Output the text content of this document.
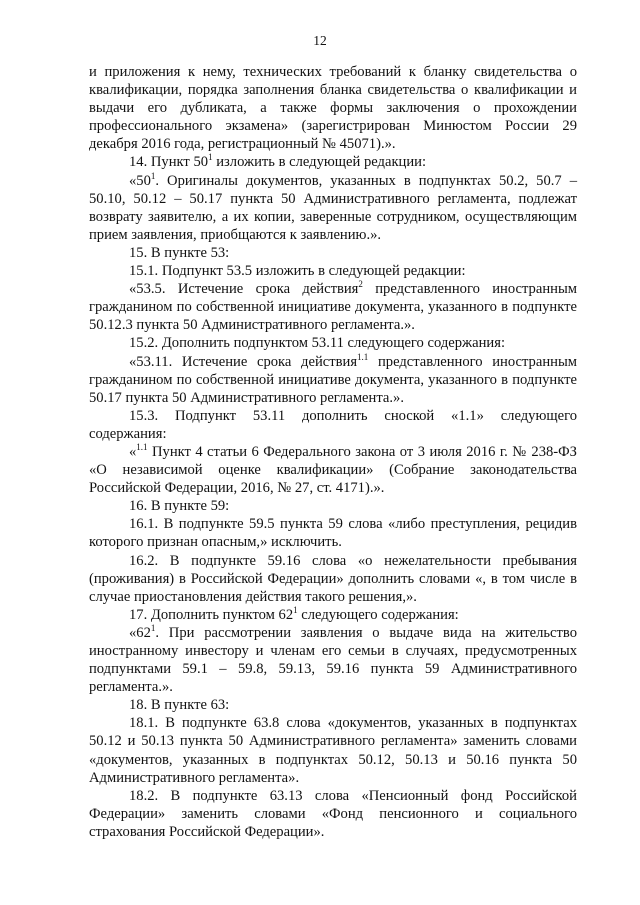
12

и приложения к нему, технических требований к бланку свидетельства о квалификации, порядка заполнения бланка свидетельства о квалификации и выдачи его дубликата, а также формы заключения о прохождении профессионального экзамена» (зарегистрирован Минюстом России 29 декабря 2016 года, регистрационный № 45071).».

14. Пункт $50^1$ изложить в следующей редакции:

«$50^1$. Оригиналы документов, указанных в подпунктах 50.2, 50.7 – 50.10, 50.12 – 50.17 пункта 50 Административного регламента, подлежат возврату заявителю, а их копии, заверенные сотрудником, осуществляющим прием заявления, приобщаются к заявлению.».

15. В пункте 53:

15.1. Подпункт 53.5 изложить в следующей редакции:

«53.5. Истечение срока действия$^2$ представленного иностранным гражданином по собственной инициативе документа, указанного в подпункте 50.12.3 пункта 50 Административного регламента.».

15.2. Дополнить подпунктом 53.11 следующего содержания:

«53.11. Истечение срока действия$^{1.1}$ представленного иностранным гражданином по собственной инициативе документа, указанного в подпункте 50.17 пункта 50 Административного регламента.».

15.3. Подпункт 53.11 дополнить сноской «1.1» следующего содержания:

«$^{1.1}$ Пункт 4 статьи 6 Федерального закона от 3 июля 2016 г. № 238-ФЗ «О независимой оценке квалификации» (Собрание законодательства Российской Федерации, 2016, № 27, ст. 4171).».

16. В пункте 59:

16.1. В подпункте 59.5 пункта 59 слова «либо преступления, рецидив которого признан опасным,» исключить.

16.2. В подпункте 59.16 слова «о нежелательности пребывания (проживания) в Российской Федерации» дополнить словами «, в том числе в случае приостановления действия такого решения,».

17. Дополнить пунктом $62^1$ следующего содержания:

«$62^1$. При рассмотрении заявления о выдаче вида на жительство иностранному инвестору и членам его семьи в случаях, предусмотренных подпунктами 59.1 – 59.8, 59.13, 59.16 пункта 59 Административного регламента.».

18. В пункте 63:

18.1. В подпункте 63.8 слова «документов, указанных в подпунктах 50.12 и 50.13 пункта 50 Административного регламента» заменить словами «документов, указанных в подпунктах 50.12, 50.13 и 50.16 пункта 50 Административного регламента».

18.2. В подпункте 63.13 слова «Пенсионный фонд Российской Федерации» заменить словами «Фонд пенсионного и социального страхования Российской Федерации».
